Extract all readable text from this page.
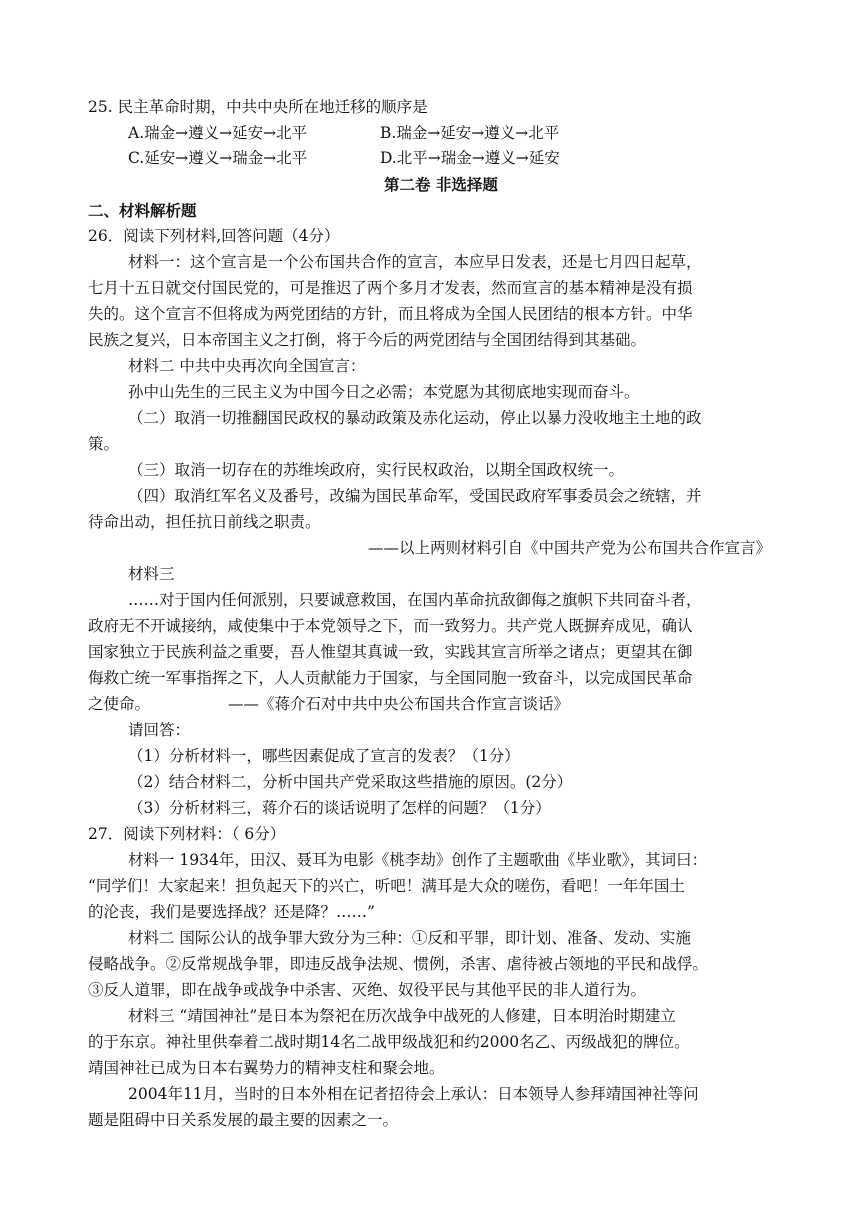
25. 民主革命时期，中共中央所在地迁移的顺序是
A.瑞金→遵义→延安→北平	B.瑞金→延安→遵义→北平
C.延安→遵义→瑞金→北平	D.北平→瑞金→遵义→延安
第二卷 非选择题
二、材料解析题
26．阅读下列材料,回答问题（4分）
材料一：这个宣言是一个公布国共合作的宣言，本应早日发表，还是七月四日起草，
七月十五日就交付国民党的，可是推迟了两个多月才发表，然而宣言的基本精神是没有损
失的。这个宣言不但将成为两党团结的方针，而且将成为全国人民团结的根本方针。中华
民族之复兴，日本帝国主义之打倒，将于今后的两党团结与全国团结得到其基础。
材料二 中共中央再次向全国宣言：
孙中山先生的三民主义为中国今日之必需；本党愿为其彻底地实现而奋斗。
（二）取消一切推翻国民政权的暴动政策及赤化运动，停止以暴力没收地主土地的政
策。
（三）取消一切存在的苏维埃政府，实行民权政治，以期全国政权统一。
（四）取消红军名义及番号，改编为国民革命军，受国民政府军事委员会之统辖，并
待命出动，担任抗日前线之职责。
——以上两则材料引自《中国共产党为公布国共合作宣言》
材料三
……对于国内任何派别，只要诚意救国，在国内革命抗敌御侮之旗帜下共同奋斗者，
政府无不开诚接纳，咸使集中于本党领导之下，而一致努力。共产党人既摒弃成见，确认
国家独立于民族利益之重要，吾人惟望其真诚一致，实践其宣言所举之诸点；更望其在御
侮救亡统一军事指挥之下，人人贡献能力于国家，与全国同胞一致奋斗，以完成国民革命
之使命。	——《蒋介石对中共中央公布国共合作宣言谈话》
请回答：
（1）分析材料一，哪些因素促成了宣言的发表？（1分）
（2）结合材料二，分析中国共产党采取这些措施的原因。(2分）
（3）分析材料三，蒋介石的谈话说明了怎样的问题？（1分）
27．阅读下列材料：（ 6分）
材料一 1934年，田汉、聂耳为电影《桃李劫》创作了主题歌曲《毕业歌》，其词曰：
“同学们！大家起来！担负起天下的兴亡，听吧！满耳是大众的嗟伤，看吧！一年年国土
的沦丧，我们是要选择战？还是降？……”
材料二 国际公认的战争罪大致分为三种：①反和平罪，即计划、准备、发动、实施
侵略战争。②反常规战争罪，即违反战争法规、惯例，杀害、虐待被占领地的平民和战俘。
③反人道罪，即在战争或战争中杀害、灭绝、奴役平民与其他平民的非人道行为。
材料三 “靖国神社”是日本为祭祀在历次战争中战死的人修建，日本明治时期建立
的于东京。神社里供奉着二战时期14名二战甲级战犯和约2000名乙、丙级战犯的牌位。
靖国神社已成为日本右翼势力的精神支柱和聚会地。
2004年11月，当时的日本外相在记者招待会上承认：日本领导人参拜靖国神社等问
题是阻碍中日关系发展的最主要的因素之一。
